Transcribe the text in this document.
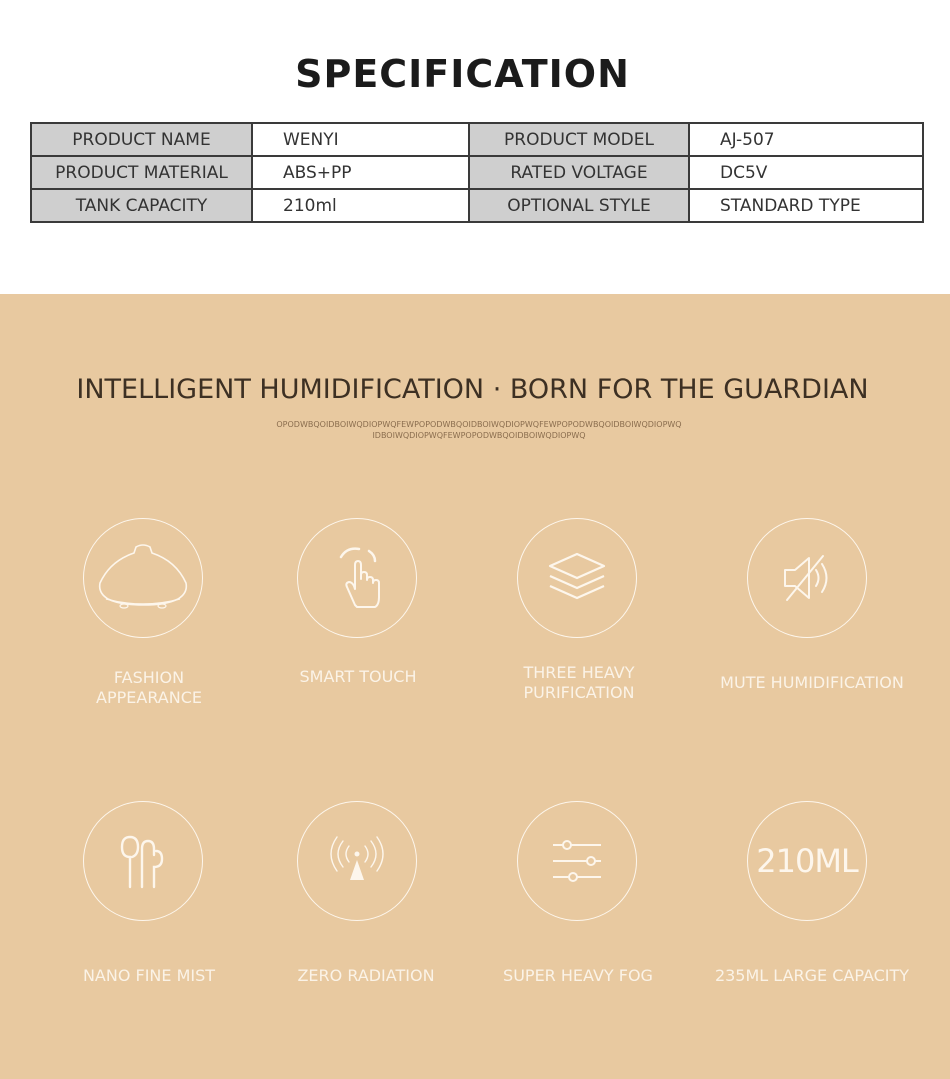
SPECIFICATION
PRODUCT NAME	WENYI	PRODUCT MODEL	AJ-507
PRODUCT MATERIAL	ABS+PP	RATED VOLTAGE	DC5V
TANK CAPACITY	210ml	OPTIONAL STYLE	STANDARD TYPE
INTELLIGENT HUMIDIFICATION · BORN FOR THE GUARDIAN
OPODWBQOIDBOIWQDIOPWQFEWPOPODWBQOIDBOIWQDIOPWQFEWPOPODWBQOIDBOIWQDIOPWQ
IDBOIWQDIOPWQFEWPOPODWBQOIDBOIWQDIOPWQ
FASHION
APPEARANCE
SMART TOUCH	THREE HEAVY
PURIFICATION
MUTE HUMIDIFICATION
210ML
NANO FINE MIST	ZERO RADIATION	SUPER HEAVY FOG	235ML LARGE CAPACITY
